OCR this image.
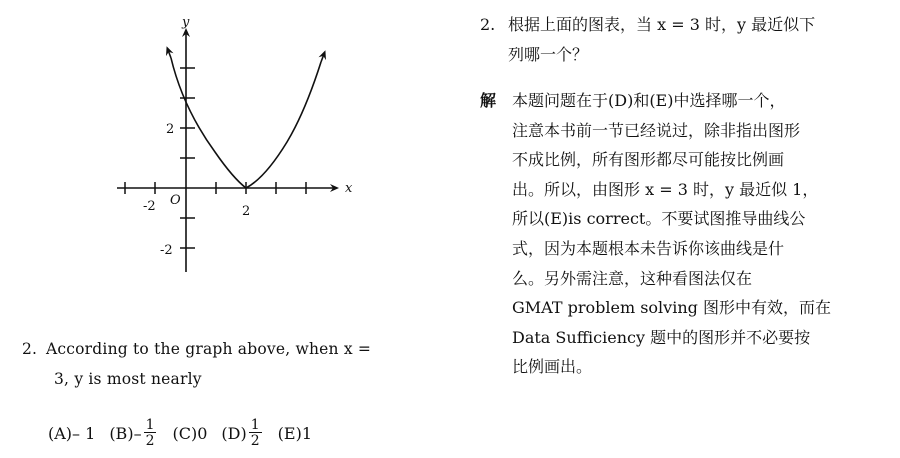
y
x
O
-2	2
2
-2
2. According to the graph above, when x =
3, y is most nearly
(A) – 1 $(B) - \frac{1}{2} (C)$ 0 $(D) \frac{1}{2} (E)$ 1
2. 根据上面的图表，当 x = 3 时，y 最近似下
列哪一个？
解 本题问题在于(D)和(E)中选择哪一个，
注意本书前一节已经说过，除非指出图形
不成比例，所有图形都尽可能按比例画
出。所以，由图形 x = 3 时，y 最近似 1，
所以(E)is correct。不要试图推导曲线公
式，因为本题根本未告诉你该曲线是什
么。另外需注意，这种看图法仅在
GMAT problem solving 图形中有效，而在
Data Sufficiency 题中的图形并不必要按
比例画出。
